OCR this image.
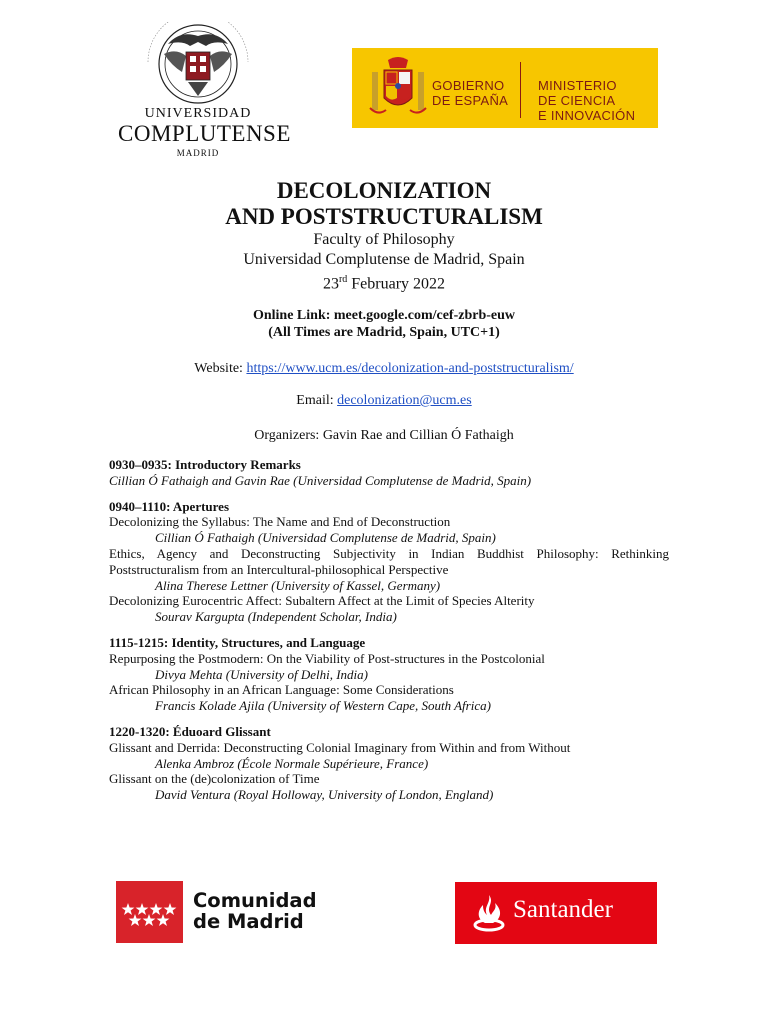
UNIVERSIDAD
COMPLUTENSE
MADRID
GOBIERNO
DE ESPAÑA
MINISTERIO
DE CIENCIA
E INNOVACIÓN
DECOLONIZATION
AND POSTSTRUCTURALISM
Faculty of Philosophy
Universidad Complutense de Madrid, Spain
23rd February 2022
Online Link: meet.google.com/cef-zbrb-euw
(All Times are Madrid, Spain, UTC+1)
Website: https://www.ucm.es/decolonization-and-poststructuralism/
Email: decolonization@ucm.es
Organizers: Gavin Rae and Cillian Ó Fathaigh
0930–0935: Introductory Remarks
Cillian Ó Fathaigh and Gavin Rae (Universidad Complutense de Madrid, Spain)
0940–1110: Apertures
Decolonizing the Syllabus: The Name and End of Deconstruction
Cillian Ó Fathaigh (Universidad Complutense de Madrid, Spain)
Ethics, Agency and Deconstructing Subjectivity in Indian Buddhist Philosophy: Rethinking Poststructuralism from an Intercultural-philosophical Perspective
Alina Therese Lettner (University of Kassel, Germany)
Decolonizing Eurocentric Affect: Subaltern Affect at the Limit of Species Alterity
Sourav Kargupta (Independent Scholar, India)
1115-1215: Identity, Structures, and Language
Repurposing the Postmodern: On the Viability of Post-structures in the Postcolonial
Divya Mehta (University of Delhi, India)
African Philosophy in an African Language: Some Considerations
Francis Kolade Ajila (University of Western Cape, South Africa)
1220-1320: Éduoard Glissant
Glissant and Derrida: Deconstructing Colonial Imaginary from Within and from Without
Alenka Ambroz (École Normale Supérieure, France)
Glissant on the (de)colonization of Time
David Ventura (Royal Holloway, University of London, England)
Comunidad
de Madrid	Santander
